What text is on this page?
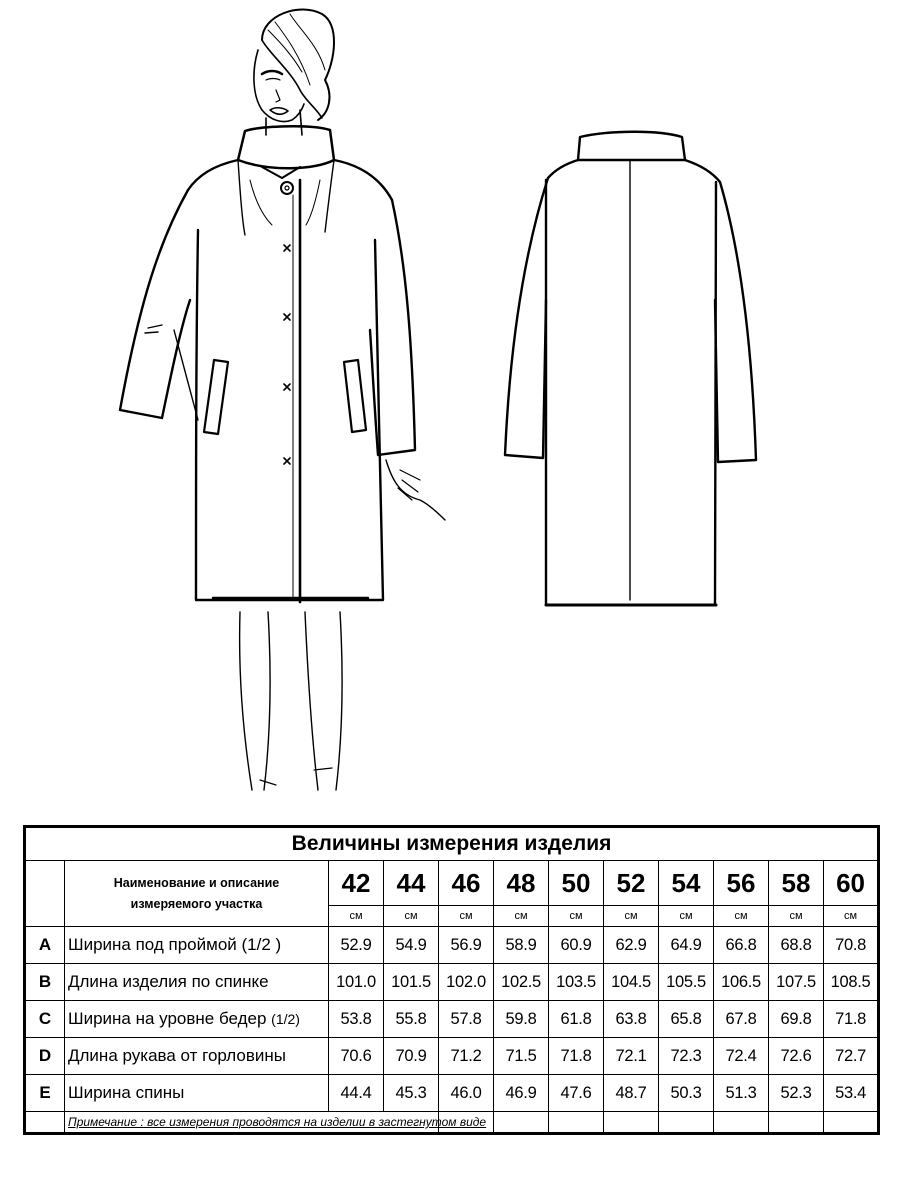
Величины измерения изделия											

	Наименование и описание
измеряемого участка	42	44	46	48	50	52	54	56	58	60
		см	см	см	см	см	см	см	см	см	см
A	Ширина под проймой (1/2 )	52.9	54.9	56.9	58.9	60.9	62.9	64.9	66.8	68.8	70.8
B	Длина изделия по спинке	101.0	101.5	102.0	102.5	103.5	104.5	105.5	106.5	107.5	108.5
C	Ширина на уровне бедер (1/2)	53.8	55.8	57.8	59.8	61.8	63.8	65.8	67.8	69.8	71.8
D	Длина рукава от горловины	70.6	70.9	71.2	71.5	71.8	72.1	72.3	72.4	72.6	72.7
E	Ширина спины	44.4	45.3	46.0	46.9	47.6	48.7	50.3	51.3	52.3	53.4
	Примечание : все измерения проводятся на изделии в застегнутом виде										
